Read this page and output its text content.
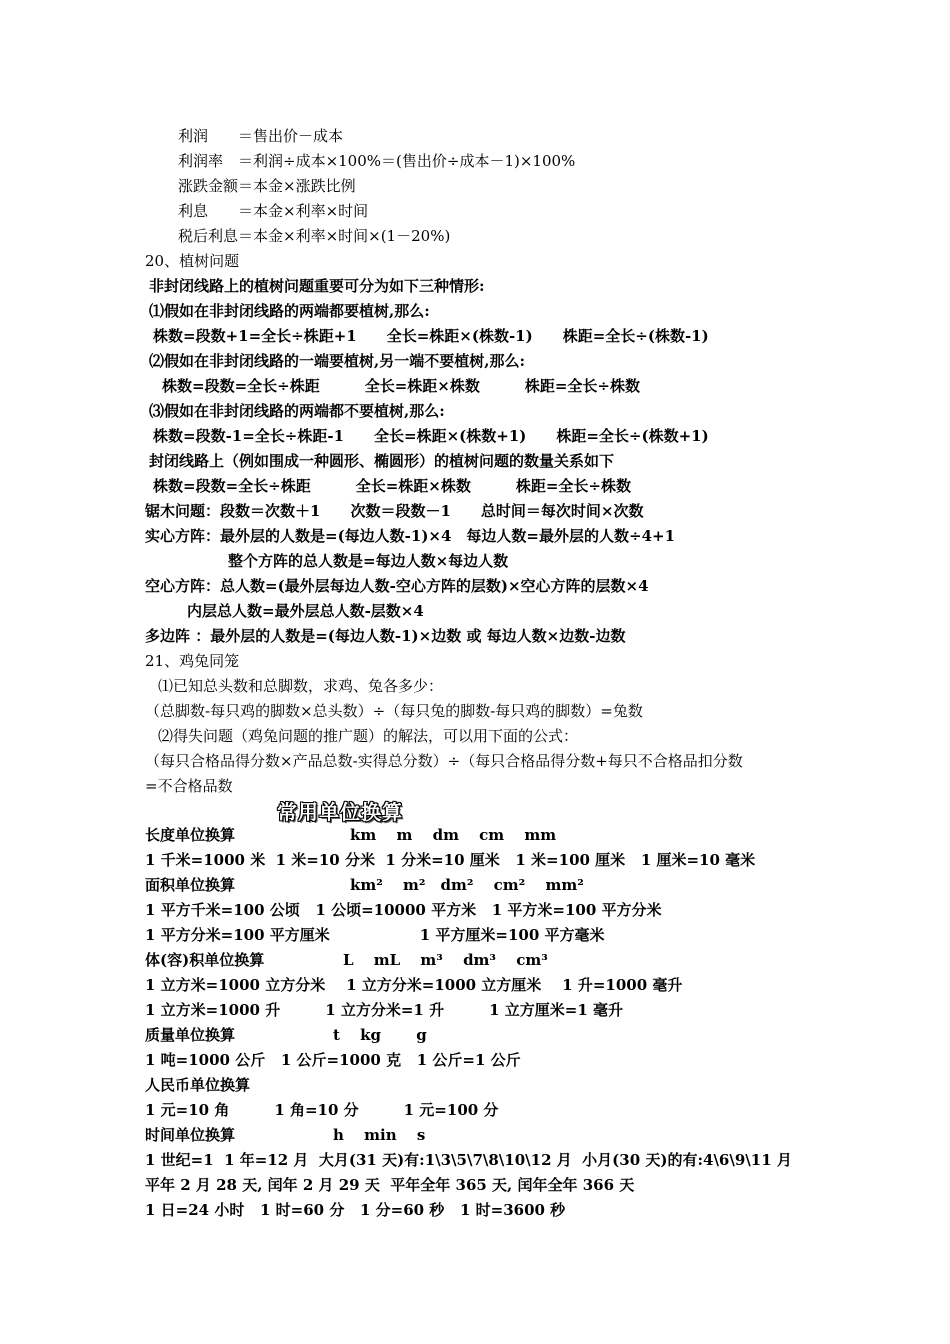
利润　　＝售出价－成本
利润率　＝利润÷成本×100%＝(售出价÷成本－1)×100%
涨跌金额＝本金×涨跌比例
利息　　＝本金×利率×时间
税后利息＝本金×利率×时间×(1－20%)
20、植树问题
非封闭线路上的植树问题重要可分为如下三种情形:
⑴假如在非封闭线路的两端都要植树,那么:
株数=段数+1=全长÷株距+1　　全长=株距×(株数-1)　　株距=全长÷(株数-1)
⑵假如在非封闭线路的一端要植树,另一端不要植树,那么:
株数=段数=全长÷株距　　　全长=株距×株数　　　株距=全长÷株数
⑶假如在非封闭线路的两端都不要植树,那么:
株数=段数-1=全长÷株距-1　　全长=株距×(株数+1)　　株距=全长÷(株数+1)
封闭线路上（例如围成一种圆形、椭圆形）的植树问题的数量关系如下
株数=段数=全长÷株距　　　全长=株距×株数　　　株距=全长÷株数
锯木问题：段数＝次数＋1　　次数＝段数－1　　总时间＝每次时间×次数
实心方阵：最外层的人数是=(每边人数-1)×4　每边人数=最外层的人数÷4+1
整个方阵的总人数是=每边人数×每边人数
空心方阵：总人数=(最外层每边人数-空心方阵的层数)×空心方阵的层数×4
内层总人数=最外层总人数-层数×4
多边阵 ：最外层的人数是=(每边人数-1)×边数 或 每边人数×边数-边数
21、鸡兔同笼
⑴已知总头数和总脚数，求鸡、兔各多少：
（总脚数-每只鸡的脚数×总头数）÷（每只兔的脚数-每只鸡的脚数）=兔数
⑵得失问题（鸡兔问题的推广题）的解法，可以用下面的公式：
（每只合格品得分数×产品总数-实得总分数）÷（每只合格品得分数+每只不合格品扣分数
=不合格品数
常用单位换算
长度单位换算	km　 m　 dm　 cm　 mm
1 千米=1000 米  1 米=10 分米  1 分米=10 厘米   1 米=100 厘米   1 厘米=10 毫米
面积单位换算	km²　 m²　dm²　 cm²　 mm²
1 平方千米=100 公顷   1 公顷=10000 平方米   1 平方米=100 平方分米
1 平方分米=100 平方厘米　　　　　　1 平方厘米=100 平方毫米
体(容)积单位换算	L　 mL　 m³　 dm³　 cm³
1 立方米=1000 立方分米    1 立方分米=1000 立方厘米    1 升=1000 毫升
1 立方米=1000 升　　　1 立方分米=1 升　　　1 立方厘米=1 毫升
质量单位换算	t　 kg　　 g
1 吨=1000 公斤   1 公斤=1000 克   1 公斤=1 公斤
人民币单位换算
1 元=10 角　　　1 角=10 分　　　1 元=100 分
时间单位换算	h　 min　 s
1 世纪=1  1 年=12 月  大月(31 天)有:1\3\5\7\8\10\12 月  小月(30 天)的有:4\6\9\11 月
平年 2 月 28 天, 闰年 2 月 29 天  平年全年 365 天, 闰年全年 366 天
1 日=24 小时   1 时=60 分   1 分=60 秒   1 时=3600 秒
